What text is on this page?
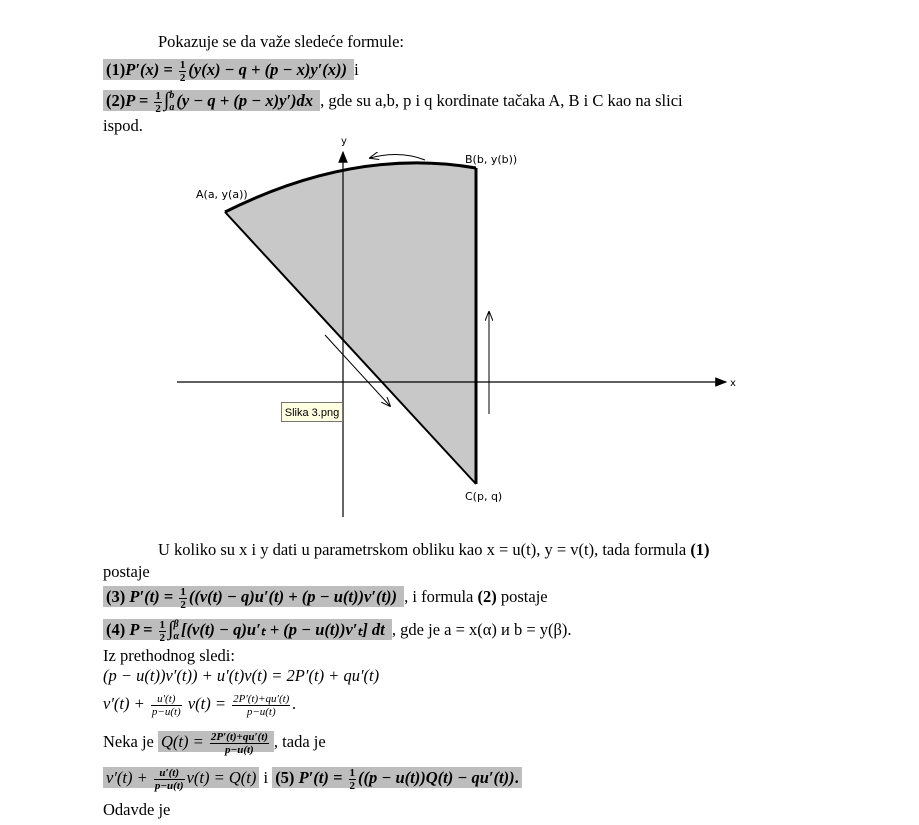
Pokazuje se da važe sledeće formule:
$(1)P'(x) = \frac{1}{2} (y(x) - q + (p - x)y'(x))$ i
$(2)P = \frac{1}{2}$ ∫ b
a (y − q + (p − x)y′)dx , gde su a,b, p i q kordinate tačaka A, B i C kao na slici
ispod.
y
x
A(a, y(a))
B(b, y(b))
C(p, q)
Slika 3.png
U koliko su x i y dati u parametrskom obliku kao x = u(t), y = v(t), tada formula (1)
postaje
(3) $P'(t) = \frac{1}{2} ((v(t) - q)u'(t) + (p - u(t))v'(t))$ , i formula (2) postaje
(4) $P = \frac{1}{2}$ ∫ β
α [(v(t) − q)u′ₜ + (p − u(t))v′ₜ] dt , gde je a = x(α) и b = y(β).
Iz prethodnog sledi:
(p − u(t))v′(t)) + u′(t)v(t) = 2P′(t) + qu′(t)
$v'(t) + \frac{u'(t)}{p-u(t)} v(t) = \frac{2P'(t)+qu'(t)}{p-u(t)}$ .
Neka je $Q(t) = \frac{2P'(t)+qu'(t)}{p-u(t)}$ , tada je
$v'(t) + \frac{u'(t)}{p-u(t)} v(t) = Q(t)$ i (5) $P'(t) = \frac{1}{2} ((p - u(t))Q(t) - qu'(t))$.
Odavde je
